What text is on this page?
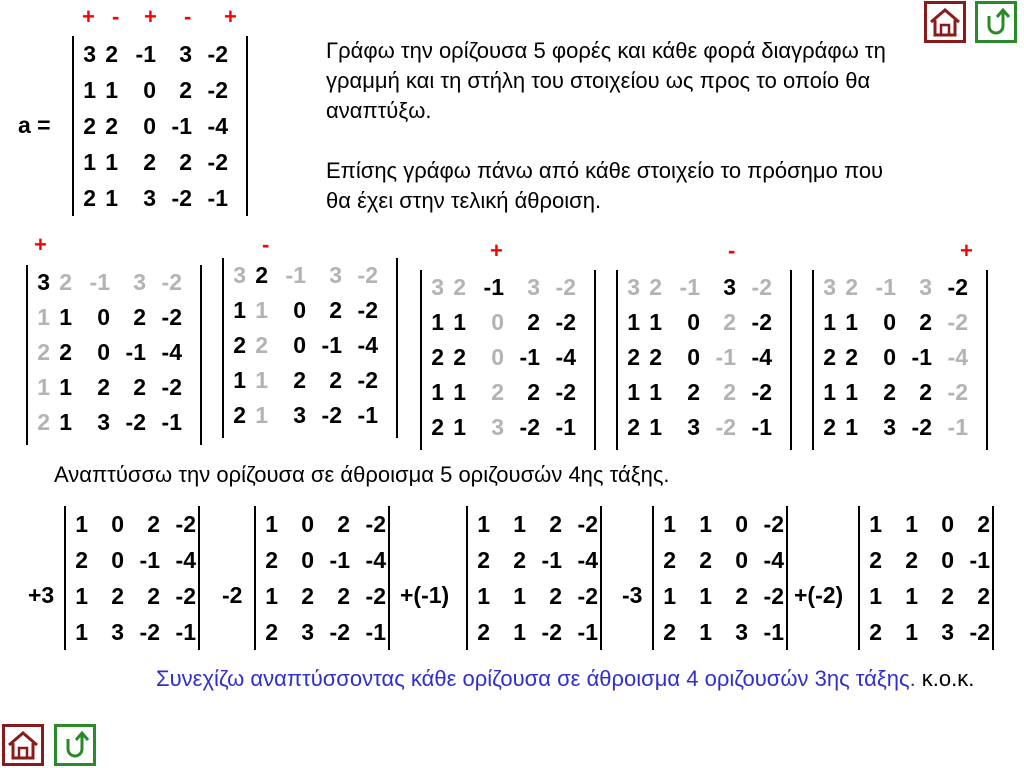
+ - + - +
a =
3 2 -1	3 -2
1 1	0	2 -2
2 2	0 -1 -4
1 1	2	2 -2
2 1	3 -2 -1
Γράφω την ορίζουσα 5 φορές και κάθε φορά διαγράφω τη γραμμή και τη στήλη του στοιχείου ως προς το οποίο θα αναπτύξω.
Επίσης γράφω πάνω από κάθε στοιχείο το πρόσημο που θα έχει στην τελική άθροιση.
+
3 2 -1	3 -2
1 1	0	2 -2
2 2	0 -1 -4
1 1	2	2 -2
2 1	3 -2 -1
-
3 2 -1	3 -2
1 1	0	2 -2
2 2	0 -1 -4
1 1	2	2 -2
2 1	3 -2 -1
+
3 2 -1	3 -2
1 1	0	2 -2
2 2	0 -1 -4
1 1	2	2 -2
2 1	3 -2 -1
-
3 2 -1	3 -2
1 1	0	2 -2
2 2	0 -1 -4
1 1	2	2 -2
2 1	3 -2 -1
+
3 2 -1	3 -2
1 1	0	2 -2
2 2	0 -1 -4
1 1	2	2 -2
2 1	3 -2 -1
Αναπτύσσω την ορίζουσα σε άθροισμα 5 οριζουσών 4ης τάξης.
+3
1	0	2 -2
2	0 -1 -4
1	2	2 -2
1	3 -2 -1
-2
1	0	2 -2
2	0 -1 -4
1	2	2 -2
2	3 -2 -1
+(-1)
1	1	2 -2
2	2 -1 -4
1	1	2 -2
2	1 -2 -1
-3
1	1	0 -2
2	2	0 -4
1	1	2 -2
2	1	3 -1
+(-2)
1	1	0	2
2	2	0 -1
1	1	2	2
2	1	3 -2
Συνεχίζω αναπτύσσοντας κάθε ορίζουσα σε άθροισμα 4 οριζουσών 3ης τάξης. κ.ο.κ.
